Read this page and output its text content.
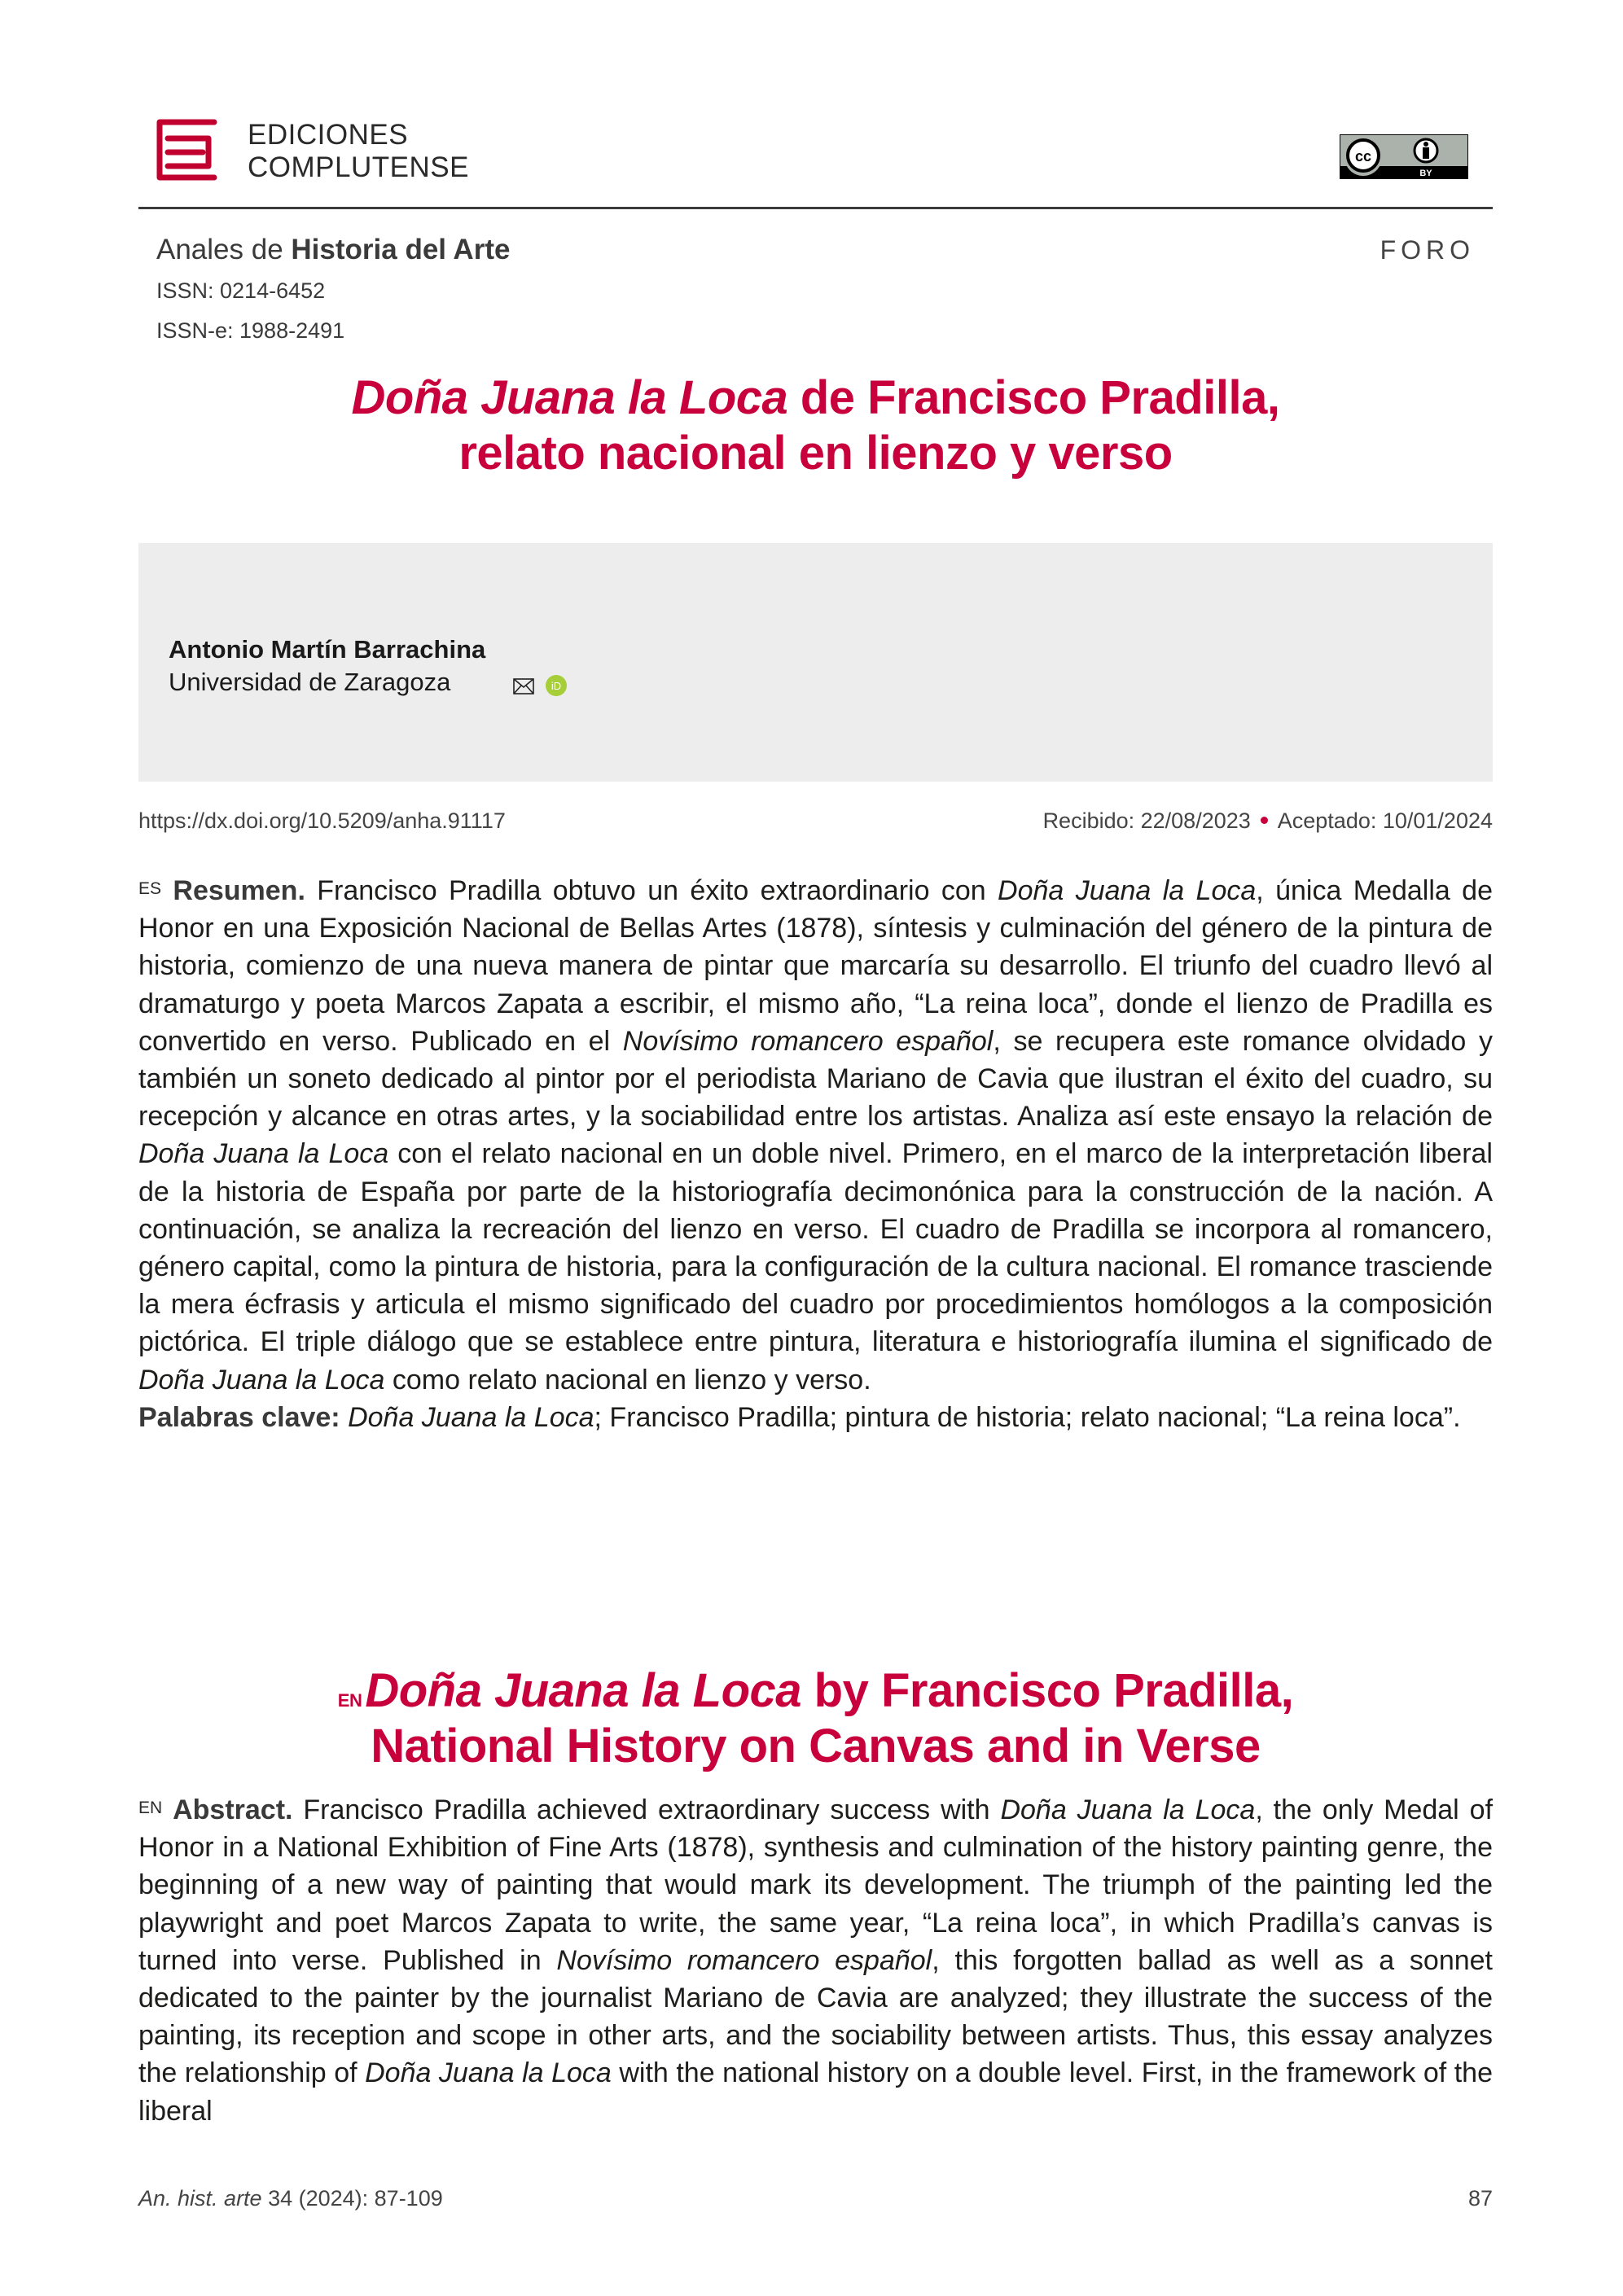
EDICIONES
COMPLUTENSE	cc
BY
Anales de Historia del Arte
ISSN: 0214-6452
ISSN-e: 1988-2491
FORO
Doña Juana la Loca de Francisco Pradilla,
relato nacional en lienzo y verso
Antonio Martín Barrachina
Universidad de Zaragoza	iD
https://dx.doi.org/10.5209/anha.91117	Recibido: 22/08/2023 Aceptado: 10/01/2024
$^{ES}$ Resumen. Francisco Pradilla obtuvo un éxito extraordinario con Doña Juana la Loca, única Medalla de Honor en una Exposición Nacional de Bellas Artes (1878), síntesis y culminación del género de la pintura de historia, comienzo de una nueva manera de pintar que marcaría su desarrollo. El triunfo del cuadro llevó al dramaturgo y poeta Marcos Zapata a escribir, el mismo año, “La reina loca”, donde el lienzo de Pradilla es convertido en verso. Publicado en el Novísimo romancero español, se recupera este romance olvidado y también un soneto dedicado al pintor por el periodista Mariano de Cavia que ilustran el éxito del cuadro, su recepción y alcance en otras artes, y la sociabilidad entre los artistas. Analiza así este ensayo la relación de Doña Juana la Loca con el relato nacional en un doble nivel. Primero, en el marco de la interpretación liberal de la historia de España por parte de la historiografía decimonónica para la construcción de la nación. A continuación, se analiza la recreación del lienzo en verso. El cuadro de Pradilla se incorpora al romancero, género capital, como la pintura de historia, para la configuración de la cultura nacional. El romance trasciende la mera écfrasis y articula el mismo significado del cuadro por procedimientos homólogos a la composición pictórica. El triple diálogo que se establece entre pintura, literatura e historiografía ilumina el significado de Doña Juana la Loca como relato nacional en lienzo y verso.
Palabras clave: Doña Juana la Loca; Francisco Pradilla; pintura de historia; relato nacional; “La reina loca”.
$^{EN}$Doña Juana la Loca by Francisco Pradilla,
National History on Canvas and in Verse
$^{EN}$ Abstract. Francisco Pradilla achieved extraordinary success with Doña Juana la Loca, the only Medal of Honor in a National Exhibition of Fine Arts (1878), synthesis and culmination of the history painting genre, the beginning of a new way of painting that would mark its development. The triumph of the painting led the playwright and poet Marcos Zapata to write, the same year, “La reina loca”, in which Pradilla’s canvas is turned into verse. Published in Novísimo romancero español, this forgotten ballad as well as a sonnet dedicated to the painter by the journalist Mariano de Cavia are analyzed; they illustrate the success of the painting, its reception and scope in other arts, and the sociability between artists. Thus, this essay analyzes the relationship of Doña Juana la Loca with the national history on a double level. First, in the framework of the liberal
An. hist. arte 34 (2024): 87-109	87
